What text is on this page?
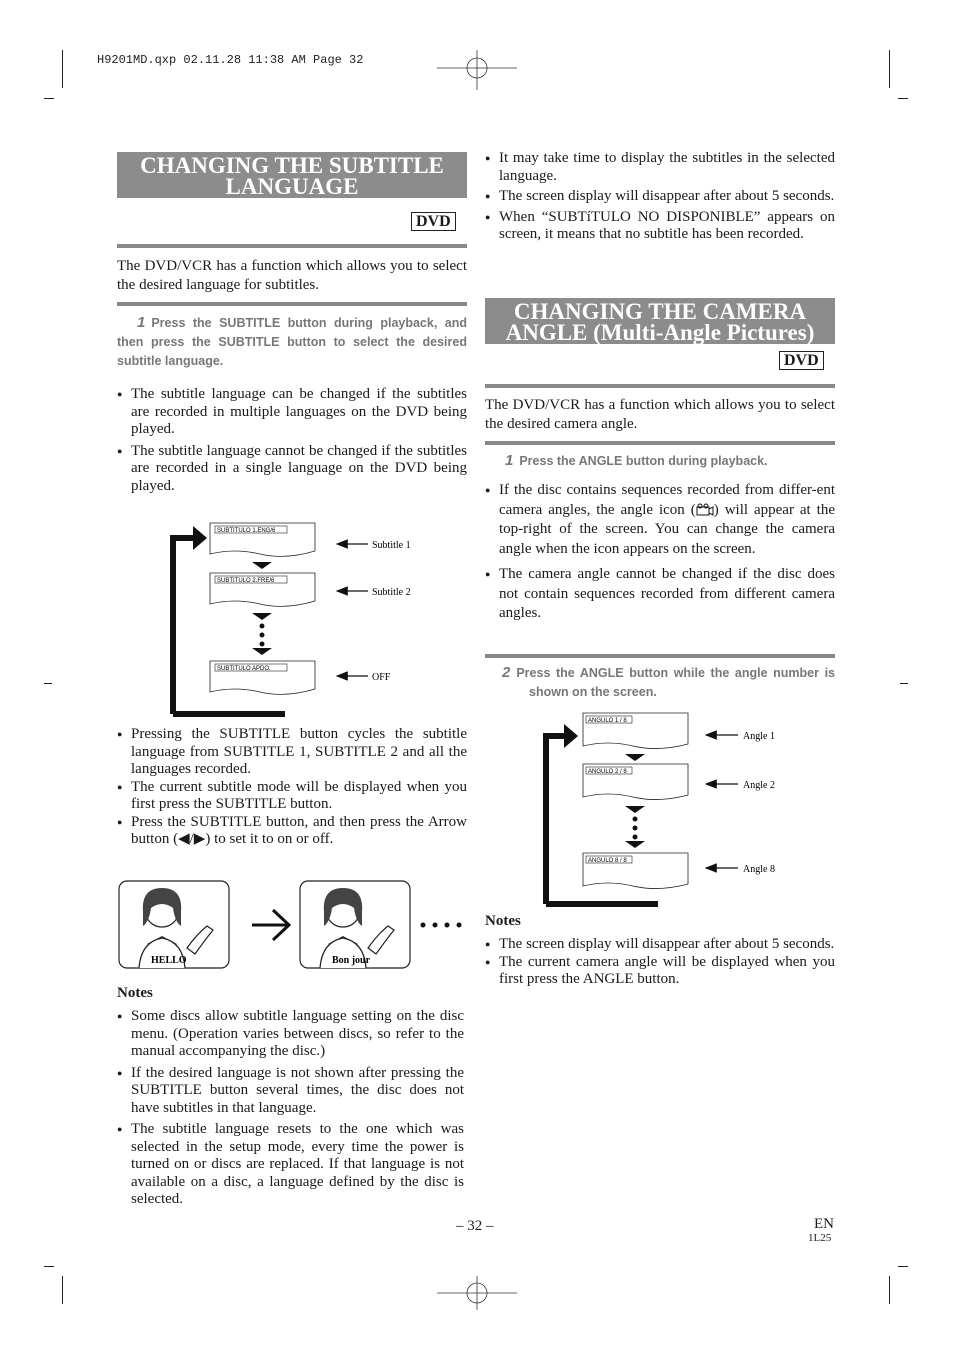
H9201MD.qxp 02.11.28 11:38 AM Page 32
CHANGING THE SUBTITLE
LANGUAGE
DVD
The DVD/VCR has a function which allows you to select the desired language for subtitles.
1 Press the SUBTITLE button during playback, and then press the SUBTITLE button to select the desired subtitle language.
● The subtitle language can be changed if the subtitles are recorded in multiple languages on the DVD being played.
● The subtitle language cannot be changed if the subtitles are recorded in a single language on the DVD being played.
SUBTITULO 1.ENG/6
SUBTITULO 2.FRE/6
SUBTITULO APDO.
Subtitle 1
Subtitle 2
OFF
● Pressing the SUBTITLE button cycles the subtitle language from SUBTITLE 1, SUBTITLE 2 and all the languages recorded.
● The current subtitle mode will be displayed when you first press the SUBTITLE button.
● Press the SUBTITLE button, and then press the Arrow button (◀/▶) to set it to on or off.
HELLO	Bon jour
Notes
● Some discs allow subtitle language setting on the disc menu. (Operation varies between discs, so refer to the manual accompanying the disc.)
● If the desired language is not shown after pressing the SUBTITLE button several times, the disc does not have subtitles in that language.
● The subtitle language resets to the one which was selected in the setup mode, every time the power is turned on or discs are replaced. If that language is not available on a disc, a language defined by the disc is selected.
● It may take time to display the subtitles in the selected language.
● The screen display will disappear after about 5 seconds.
● When “SUBTíTULO NO DISPONIBLE” appears on screen, it means that no subtitle has been recorded.
CHANGING THE CAMERA
ANGLE (Multi-Angle Pictures)
DVD
The DVD/VCR has a function which allows you to select the desired camera angle.
1 Press the ANGLE button during playback.
● If the disc contains sequences recorded from differ-ent camera angles, the angle icon ( ) will appear at the top-right of the screen. You can change the camera angle when the icon appears on the screen.
● The camera angle cannot be changed if the disc does not contain sequences recorded from different camera angles.
2 Press the ANGLE button while the angle number is shown on the screen.
ANGULO 1 / 8
ANGULO 2 / 8
ANGULO 8 / 8
Angle 1
Angle 2
Angle 8
Notes
● The screen display will disappear after about 5 seconds.
● The current camera angle will be displayed when you first press the ANGLE button.
– 32 –	EN
1L25
